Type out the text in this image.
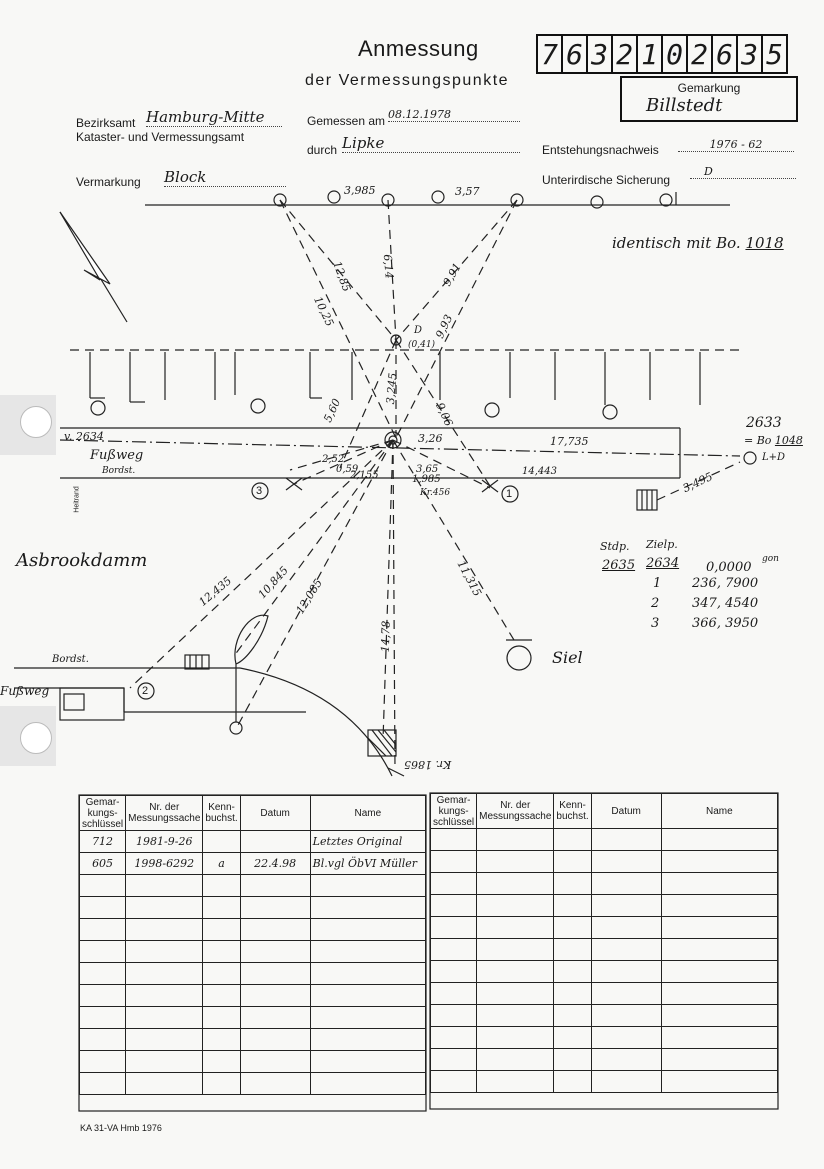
Anmessung
der Vermessungspunkte
7 6 3 2 1 0 2 6 3 5
Gemarkung
Billstedt
Bezirksamt Hamburg-Mitte
Kataster- und Vermessungsamt
Gemessen am 08.12.1978
durch Lipke	Entstehungsnachweis	1976 - 62
Vermarkung Block	Unterirdische Sicherung
D
identisch mit Bo. 1018
3,985	3,57
12,85 6,14	9,91
10,25	9,93
D
(0,41)
3,245
5,60	9,06
3,26	17,735
v. 2634
Fußweg
Bordst.
Heitrand
2,52
0,59
2,155
3,65
1,985
Kr.456
14,443	3,495
2633
= Bo 1048
L+D
3	1
2
Asbrookdamm
12,435 10,845 12,085
14,78
11,315
Siel
Bordst.
Fußweg
Kr. 1865
Stdp. Zielp.
2635 2634 0,0000
gon
1 236, 7900
2	347, 4540
3	366, 3950
Gemar-kungs-schlüssel	Nr. der Messungssache	Kenn-buchst.	Datum	Name
712	1981-9-26			Letztes Original
605	1998-6292	a	22.4.98	Bl.vgl ÖbVI Müller

Gemar-kungs-schlüssel	Nr. der Messungssache	Kenn-buchst.	Datum	Name

KA 31-VA Hmb 1976
